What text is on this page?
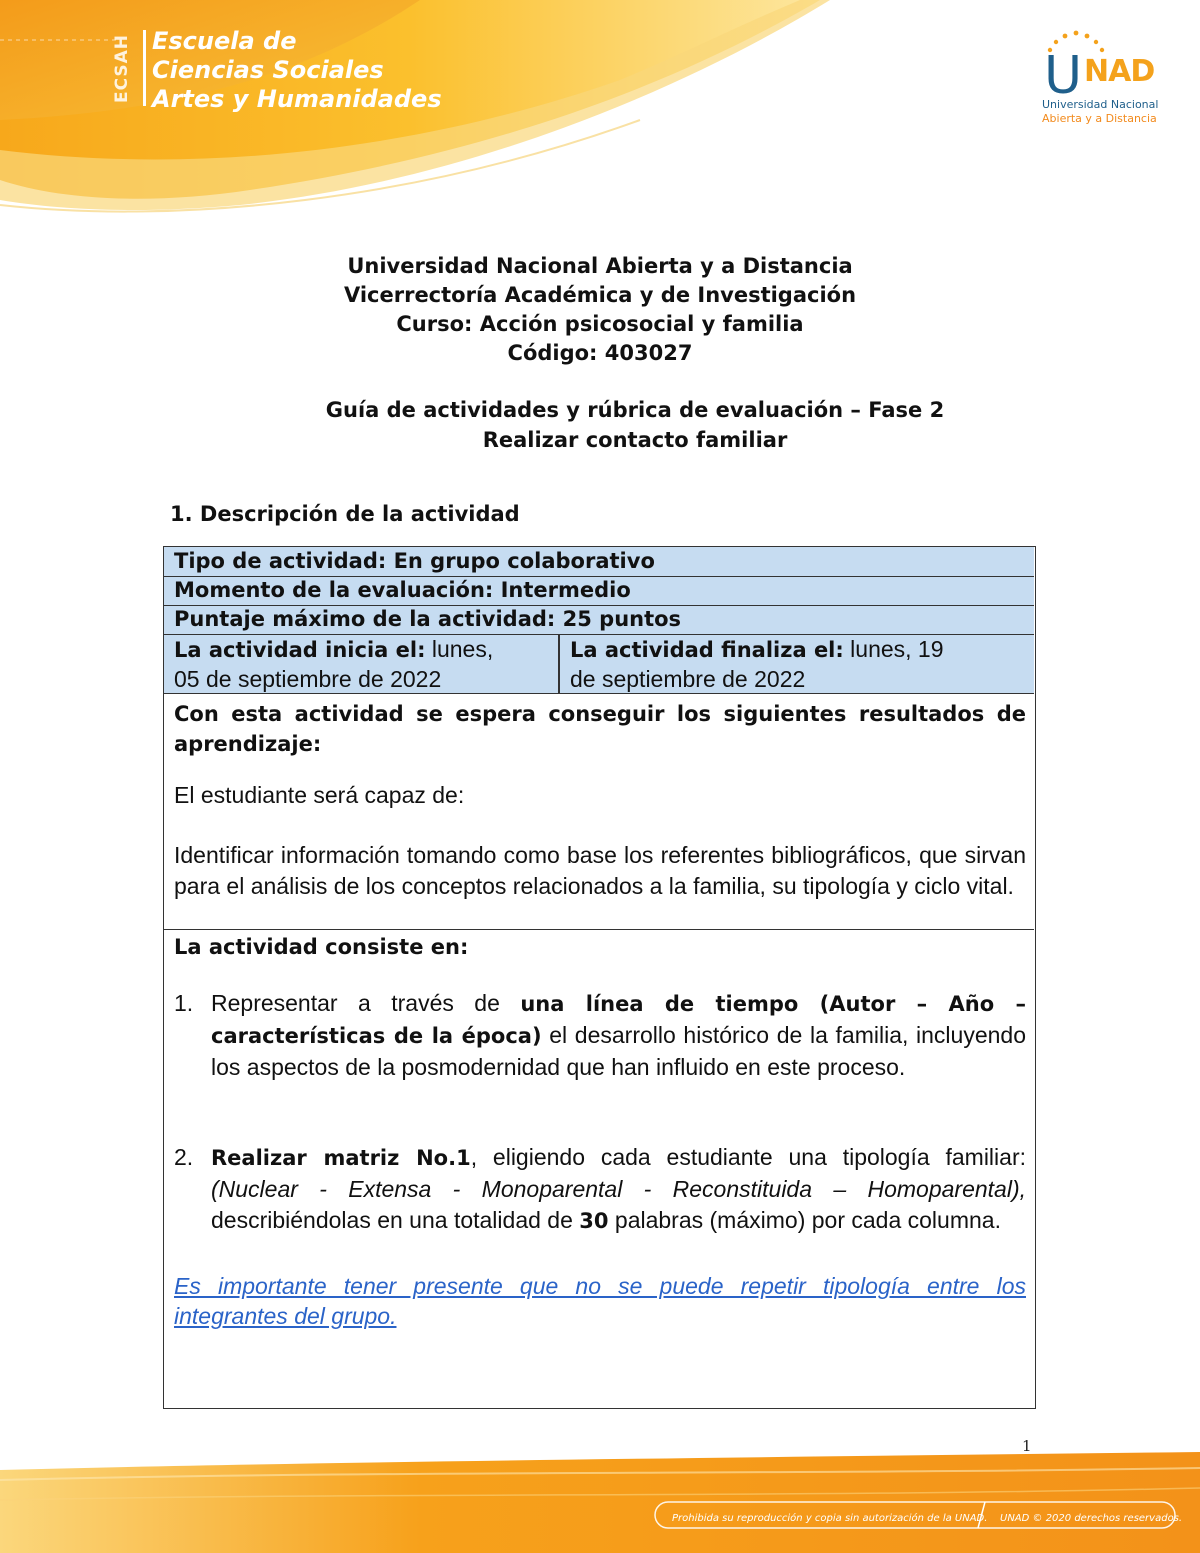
ECSAH Escuela de
Ciencias Sociales
Artes y Humanidades	U NAD
Universidad Nacional
Abierta y a Distancia
Universidad Nacional Abierta y a Distancia
Vicerrectoría Académica y de Investigación
Curso: Acción psicosocial y familia
Código: 403027
Guía de actividades y rúbrica de evaluación – Fase 2
Realizar contacto familiar
1. Descripción de la actividad
Tipo de actividad: En grupo colaborativo
Momento de la evaluación: Intermedio
Puntaje máximo de la actividad: 25 puntos
La actividad inicia el: lunes,
05 de septiembre de 2022
La actividad finaliza el: lunes, 19
de septiembre de 2022
Con esta actividad se espera conseguir los siguientes resultados de aprendizaje:
El estudiante será capaz de:
Identificar información tomando como base los referentes bibliográficos, que sirvan para el análisis de los conceptos relacionados a la familia, su tipología y ciclo vital.
La actividad consiste en:
1. Representar a través de una línea de tiempo (Autor – Año – características de la época) el desarrollo histórico de la familia, incluyendo los aspectos de la posmodernidad que han influido en este proceso.
2. Realizar matriz No.1, eligiendo cada estudiante una tipología familiar: (Nuclear - Extensa - Monoparental - Reconstituida – Homoparental), describiéndolas en una totalidad de 30 palabras (máximo) por cada columna.
Es importante tener presente que no se puede repetir tipología entre los integrantes del grupo.
1
Prohibida su reproducción y copia sin autorización de la UNAD. UNAD © 2020 derechos reservados.
